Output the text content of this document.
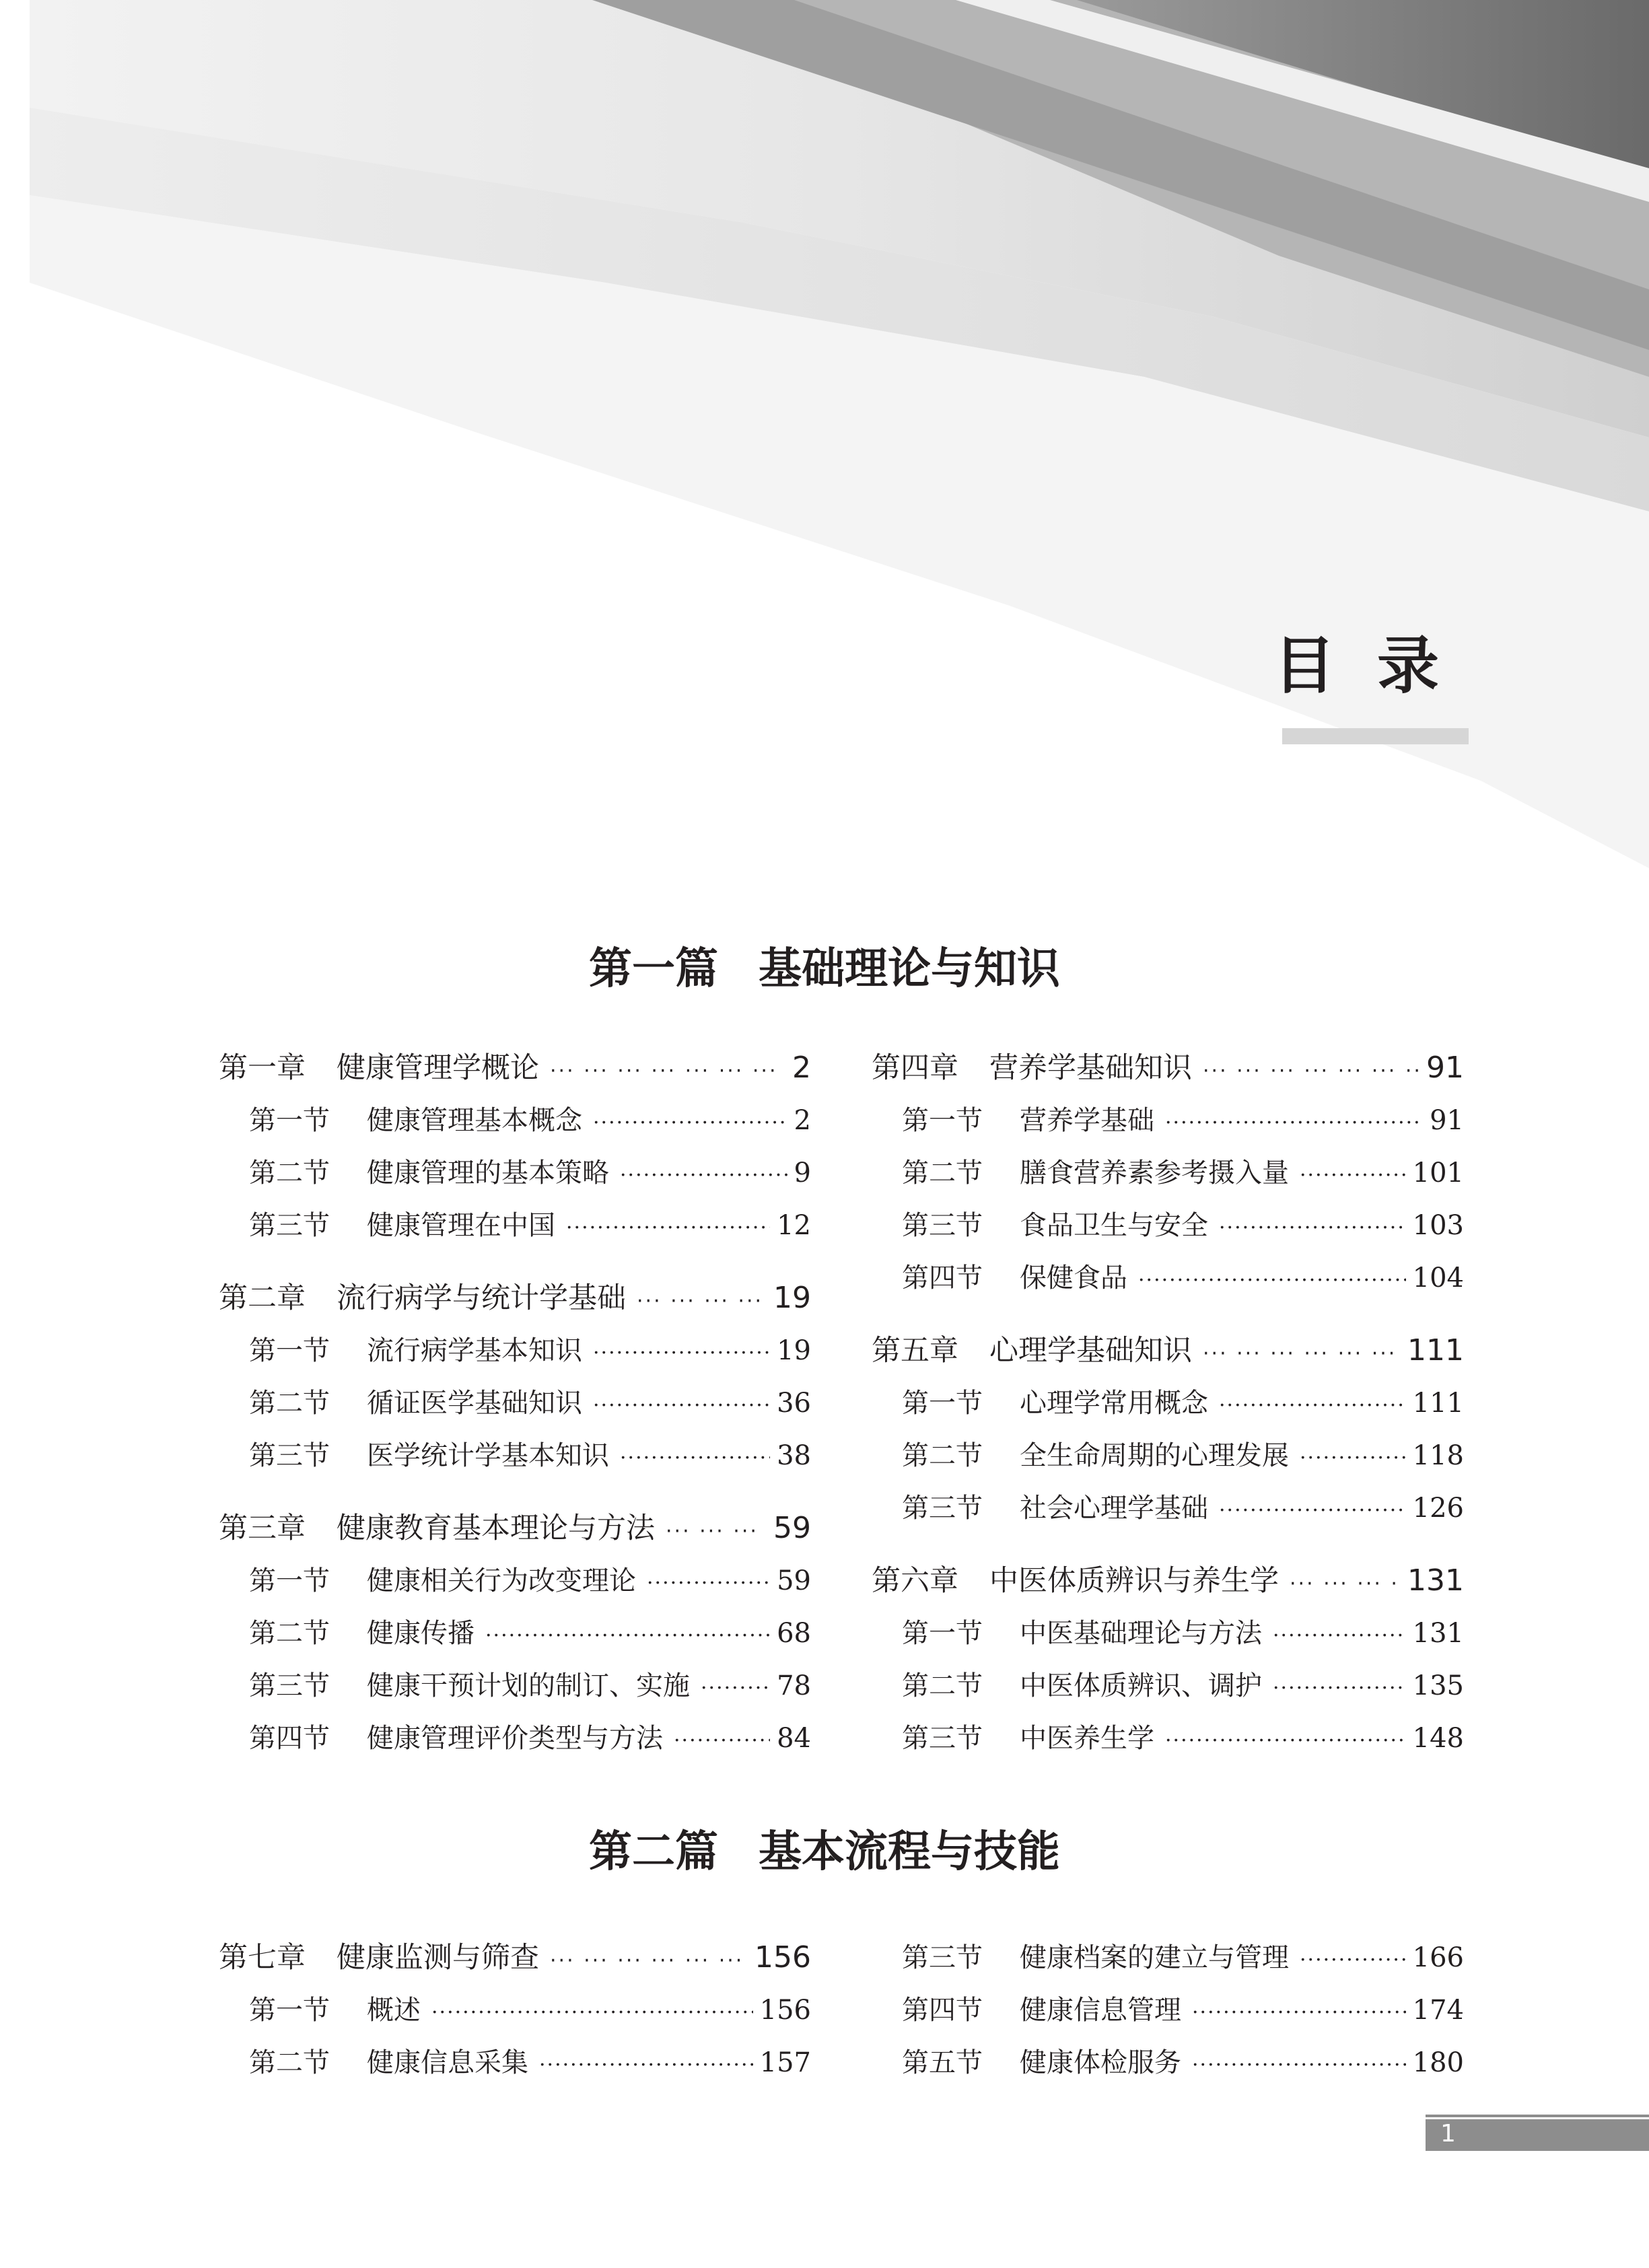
目录
第一篇 基础理论与知识
第一章	健康管理学概论 ··· ·	2
第一节	健康管理基本概念 ·····	2
第二节	健康管理的基本策略 ·····	9
第三节	健康管理在中国 ·····	12
第二章	流行病学与统计学基础 ··· ·	19
第一节	流行病学基本知识 ·····	19
第二节	循证医学基础知识 ·····	36
第三节	医学统计学基本知识 ·····	38
第三章	健康教育基本理论与方法 ··· ·	59
第一节	健康相关行为改变理论 ·····	59
第二节	健康传播 ·····	68
第三节	健康干预计划的制订、实施 ·····	78
第四节	健康管理评价类型与方法 ·····	84
第四章	营养学基础知识 ··· ·	91
第一节	营养学基础 ·····	91
第二节	膳食营养素参考摄入量 ·····	101
第三节	食品卫生与安全 ·····	103
第四节	保健食品 ·····	104
第五章	心理学基础知识 ··· ·	111
第一节	心理学常用概念 ·····	111
第二节	全生命周期的心理发展 ·····	118
第三节	社会心理学基础 ·····	126
第六章	中医体质辨识与养生学 ··· ·	131
第一节	中医基础理论与方法 ·····	131
第二节	中医体质辨识、调护 ·····	135
第三节	中医养生学 ·····	148
第二篇 基本流程与技能
第七章	健康监测与筛查 ··· ·	156
第一节	概述 ·····	156
第二节	健康信息采集 ·····	157
第三节	健康档案的建立与管理 ·····	166
第四节	健康信息管理 ·····	174
第五节	健康体检服务 ·····	180
1
